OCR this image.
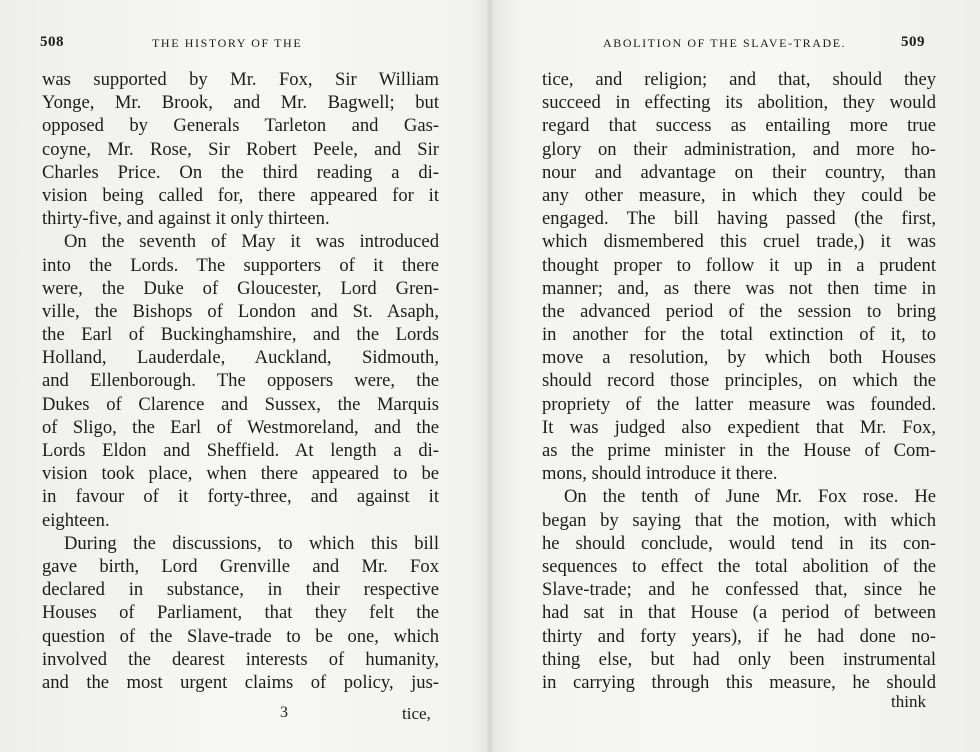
508	THE HISTORY OF THE
was supported by Mr. Fox, Sir William
Yonge, Mr. Brook, and Mr. Bagwell; but
opposed by Generals Tarleton and Gas-
coyne, Mr. Rose, Sir Robert Peele, and Sir
Charles Price. On the third reading a di-
vision being called for, there appeared for it
thirty-five, and against it only thirteen.
On the seventh of May it was introduced
into the Lords. The supporters of it there
were, the Duke of Gloucester, Lord Gren-
ville, the Bishops of London and St. Asaph,
the Earl of Buckinghamshire, and the Lords
Holland, Lauderdale, Auckland, Sidmouth,
and Ellenborough. The opposers were, the
Dukes of Clarence and Sussex, the Marquis
of Sligo, the Earl of Westmoreland, and the
Lords Eldon and Sheffield. At length a di-
vision took place, when there appeared to be
in favour of it forty-three, and against it
eighteen.
During the discussions, to which this bill
gave birth, Lord Grenville and Mr. Fox
declared in substance, in their respective
Houses of Parliament, that they felt the
question of the Slave-trade to be one, which
involved the dearest interests of humanity,
and the most urgent claims of policy, jus-
3	tice,
ABOLITION OF THE SLAVE-TRADE.	509
tice, and religion; and that, should they
succeed in effecting its abolition, they would
regard that success as entailing more true
glory on their administration, and more ho-
nour and advantage on their country, than
any other measure, in which they could be
engaged. The bill having passed (the first,
which dismembered this cruel trade,) it was
thought proper to follow it up in a prudent
manner; and, as there was not then time in
the advanced period of the session to bring
in another for the total extinction of it, to
move a resolution, by which both Houses
should record those principles, on which the
propriety of the latter measure was founded.
It was judged also expedient that Mr. Fox,
as the prime minister in the House of Com-
mons, should introduce it there.
On the tenth of June Mr. Fox rose. He
began by saying that the motion, with which
he should conclude, would tend in its con-
sequences to effect the total abolition of the
Slave-trade; and he confessed that, since he
had sat in that House (a period of between
thirty and forty years), if he had done no-
thing else, but had only been instrumental
in carrying through this measure, he should
think
